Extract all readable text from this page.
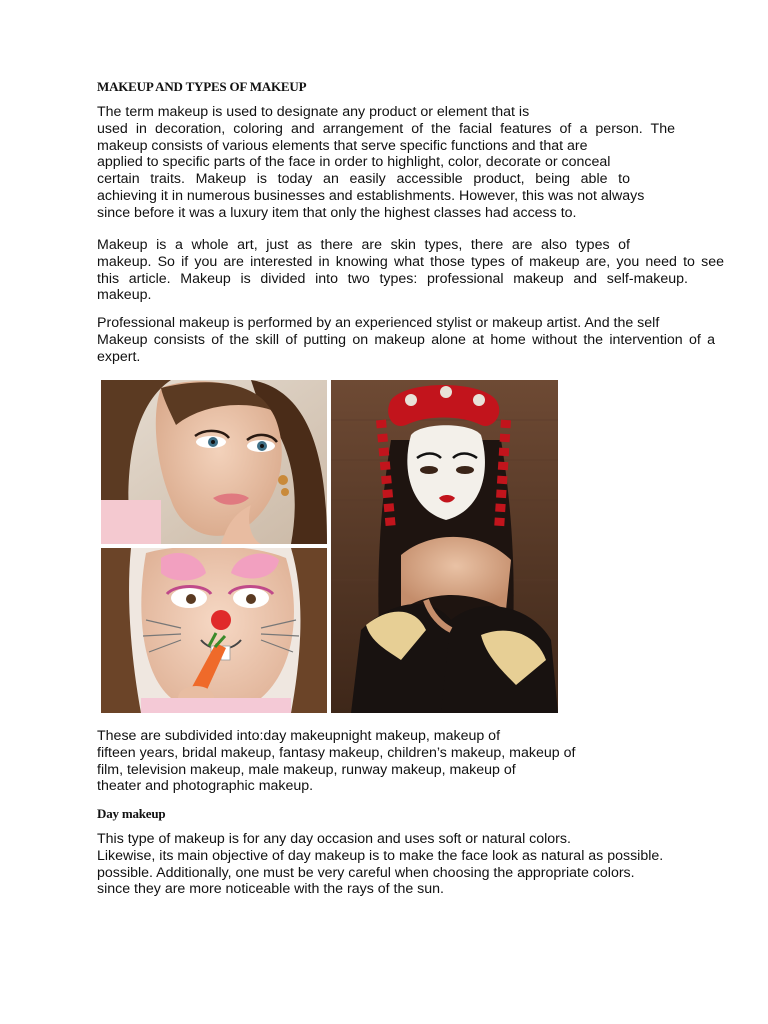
MAKEUP AND TYPES OF MAKEUP
The term makeup is used to designate any product or element that is
used in decoration, coloring and arrangement of the facial features of a person. The
makeup consists of various elements that serve specific functions and that are
applied to specific parts of the face in order to highlight, color, decorate or conceal
certain traits. Makeup is today an easily accessible product, being able to
achieving it in numerous businesses and establishments. However, this was not always
since before it was a luxury item that only the highest classes had access to.
Makeup is a whole art, just as there are skin types, there are also types of
makeup. So if you are interested in knowing what those types of makeup are, you need to see
this article. Makeup is divided into two types: professional makeup and self-makeup.
makeup.
Professional makeup is performed by an experienced stylist or makeup artist. And the self
Makeup consists of the skill of putting on makeup alone at home without the intervention of a
expert.
These are subdivided into:day makeupnight makeup, makeup of
fifteen years, bridal makeup, fantasy makeup, children’s makeup, makeup of
film, television makeup, male makeup, runway makeup, makeup of
theater and photographic makeup.
Day makeup
This type of makeup is for any day occasion and uses soft or natural colors.
Likewise, its main objective of day makeup is to make the face look as natural as possible.
possible. Additionally, one must be very careful when choosing the appropriate colors.
since they are more noticeable with the rays of the sun.
